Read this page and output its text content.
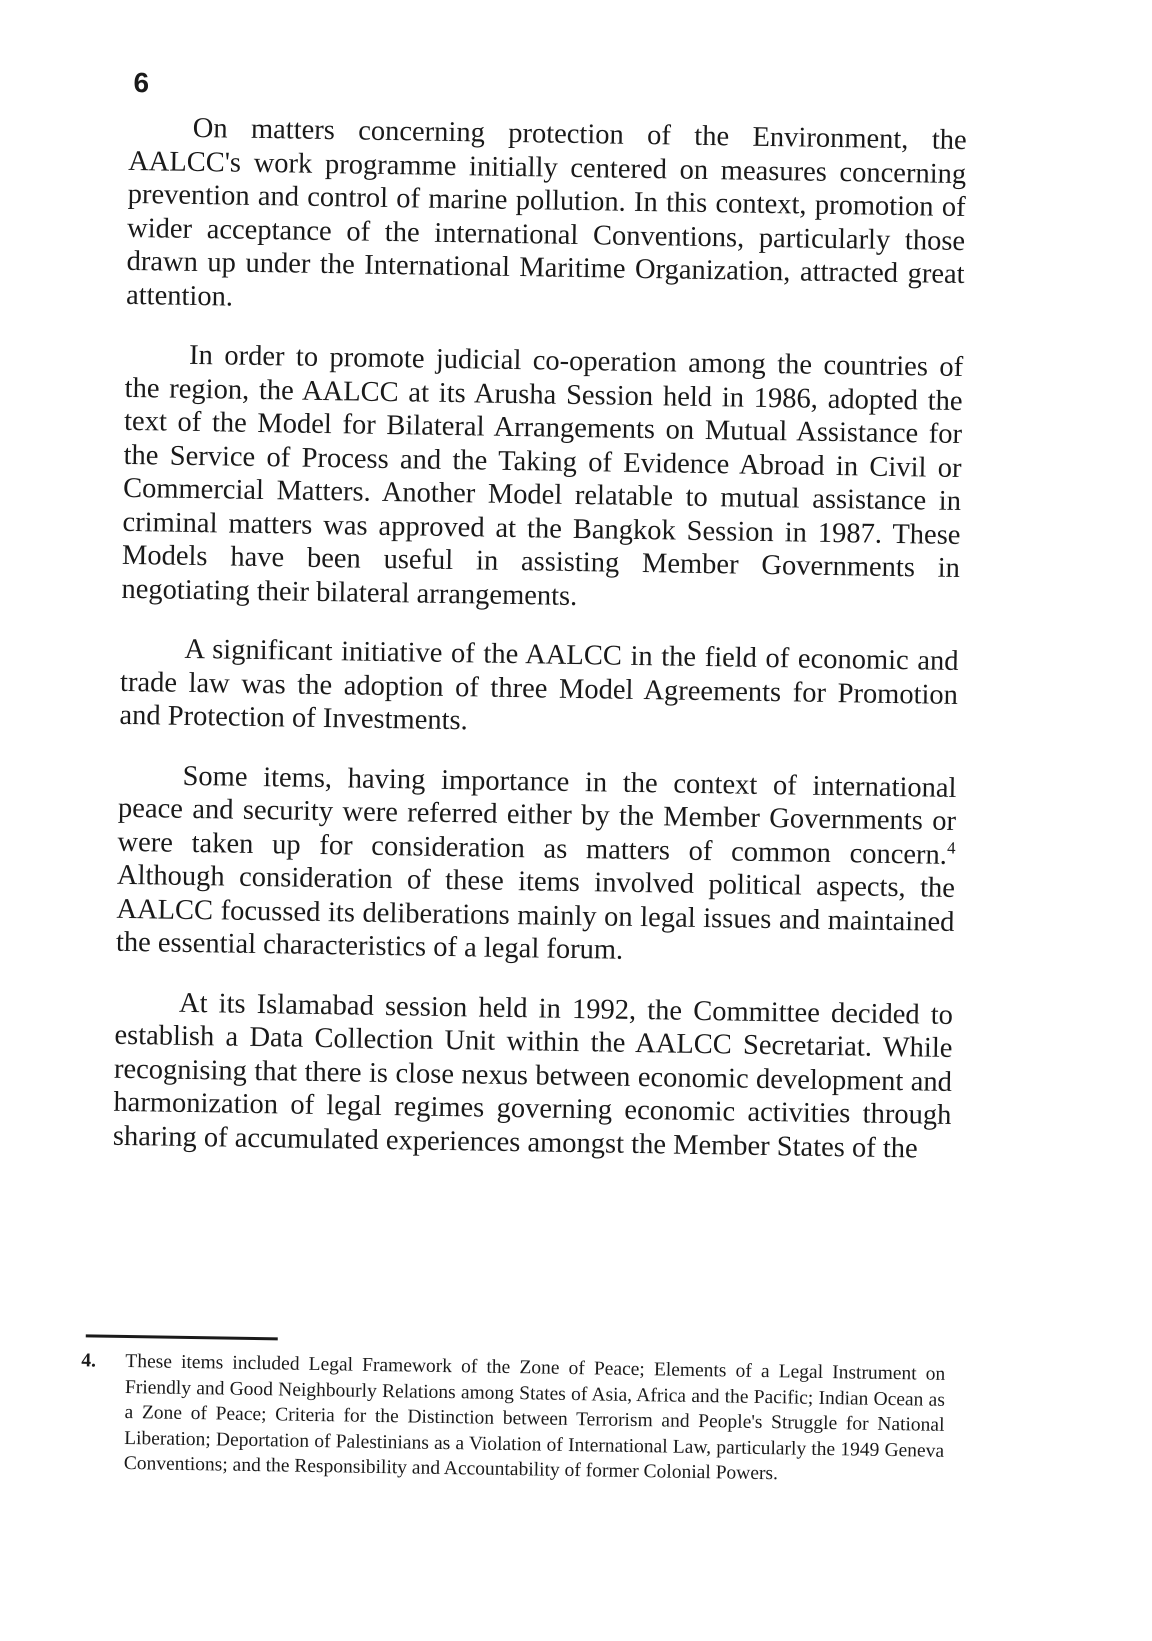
6

On matters concerning protection of the Environment, the AALCC's work programme initially centered on measures concerning prevention and control of marine pollution. In this context, promotion of wider acceptance of the international Conventions, particularly those drawn up under the International Maritime Organization, attracted great attention.

In order to promote judicial co-operation among the countries of the region, the AALCC at its Arusha Session held in 1986, adopted the text of the Model for Bilateral Arrangements on Mutual Assistance for the Service of Process and the Taking of Evidence Abroad in Civil or Commercial Matters. Another Model relatable to mutual assistance in criminal matters was approved at the Bangkok Session in 1987. These Models have been useful in assisting Member Governments in negotiating their bilateral arrangements.

A significant initiative of the AALCC in the field of economic and trade law was the adoption of three Model Agreements for Promotion and Protection of Investments.

Some items, having importance in the context of international peace and security were referred either by the Member Governments or were taken up for consideration as matters of common concern.$^4$ Although consideration of these items involved political aspects, the AALCC focussed its deliberations mainly on legal issues and maintained the essential characteristics of a legal forum.

At its Islamabad session held in 1992, the Committee decided to establish a Data Collection Unit within the AALCC Secretariat. While recognising that there is close nexus between economic development and harmonization of legal regimes governing economic activities through sharing of accumulated experiences amongst the Member States of the

4. These items included Legal Framework of the Zone of Peace; Elements of a Legal Instrument on Friendly and Good Neighbourly Relations among States of Asia, Africa and the Pacific; Indian Ocean as a Zone of Peace; Criteria for the Distinction between Terrorism and People's Struggle for National Liberation; Deportation of Palestinians as a Violation of International Law, particularly the 1949 Geneva Conventions; and the Responsibility and Accountability of former Colonial Powers.
